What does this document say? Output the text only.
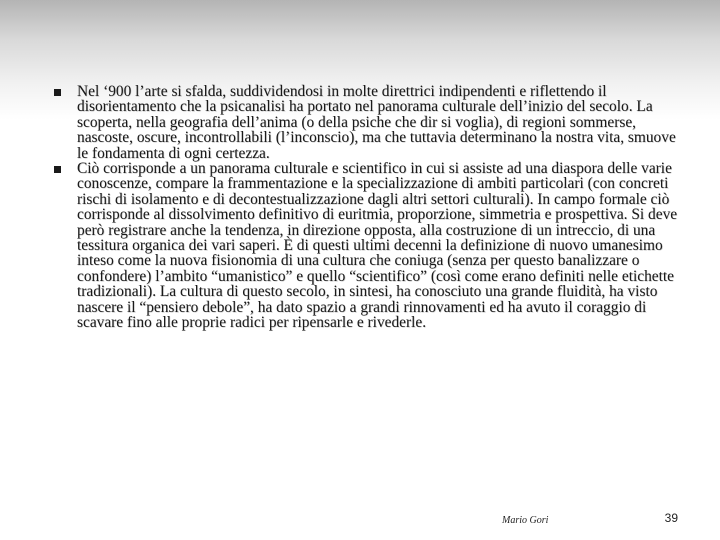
Nel ‘900 l’arte si sfalda, suddividendosi in molte direttrici indipendenti e riflettendo il disorientamento che la psicanalisi ha portato nel panorama culturale dell’inizio del secolo. La scoperta, nella geografia dell’anima (o della psiche che dir si voglia), di regioni sommerse, nascoste, oscure, incontrollabili (l’inconscio), ma che tuttavia determinano la nostra vita, smuove le fondamenta di ogni certezza.
Ciò corrisponde a un panorama culturale e scientifico in cui si assiste ad una diaspora delle varie conoscenze, compare la frammentazione e la specializzazione di ambiti particolari (con concreti rischi di isolamento e di decontestualizzazione dagli altri settori culturali). In campo formale ciò corrisponde al dissolvimento definitivo di euritmia, proporzione, simmetria e prospettiva. Si deve però registrare anche la tendenza, in direzione opposta, alla costruzione di un intreccio, di una tessitura organica dei vari saperi. È di questi ultimi decenni la definizione di nuovo umanesimo inteso come la nuova fisionomia di una cultura che coniuga (senza per questo banalizzare o confondere) l’ambito “umanistico” e quello “scientifico” (così come erano definiti nelle etichette tradizionali). La cultura di questo secolo, in sintesi, ha conosciuto una grande fluidità, ha visto nascere il “pensiero debole”, ha dato spazio a grandi rinnovamenti ed ha avuto il coraggio di scavare fino alle proprie radici per ripensarle e rivederle.
Mario Gori	39
